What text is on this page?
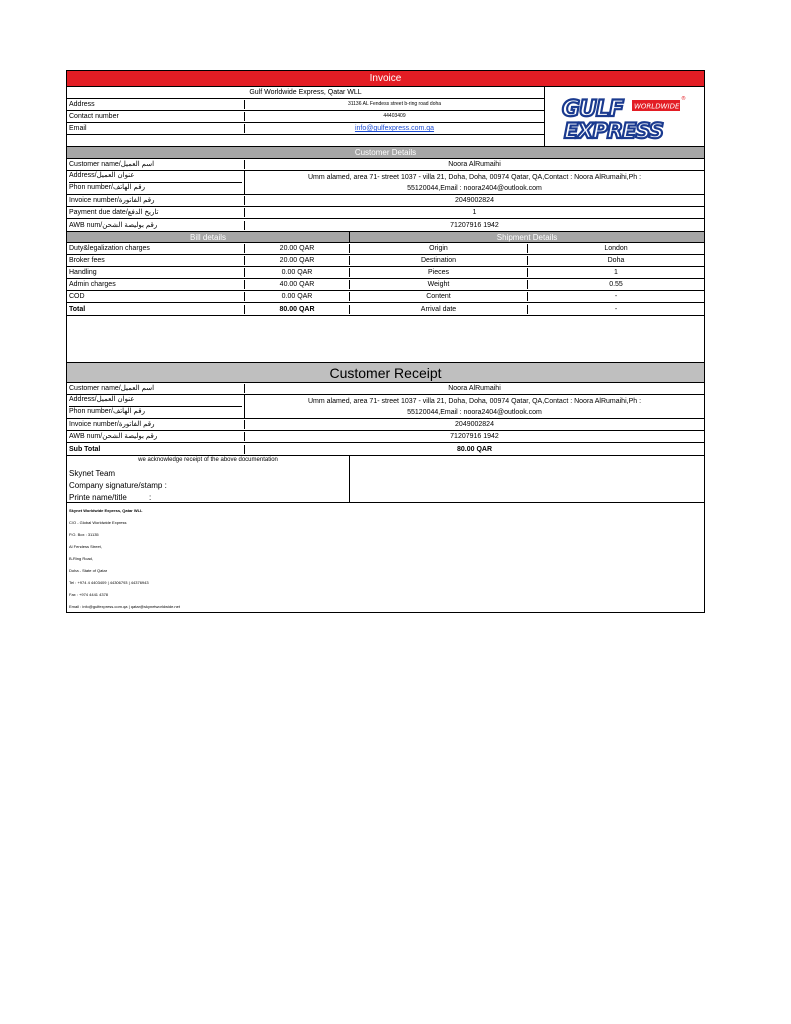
Invoice
Gulf Worldwide Express, Qatar WLL
Address	31136 AL Fendess street b-ring road doha
Contact number	44403409
Email	info@gulfexpress.com.qa
GULF WORLDWIDE
®
EXPRESS
Customer Details
Customer name/اسم العميل	Noora AlRumaihi
Address/عنوان العميل
Phon number/رقم الهاتف
Umm alamed, area 71- street 1037 - villa 21, Doha, Doha, 00974 Qatar, QA,Contact : Noora AlRumaihi,Ph :
55120044,Email : noora2404@outlook.com
Invoice number/رقم الفاتورة	2049002824
Payment due date/تاريخ الدفع	1
AWB num/رقم بوليصة الشحن	71207916 1942
Bill details	Shipment Details
Duty&legalization charges	20.00 QAR	Origin	London
Broker fees	20.00 QAR	Destination	Doha
Handling	0.00 QAR	Pieces	1
Admin charges	40.00 QAR	Weight	0.55
COD	0.00 QAR	Content	-
Total	80.00 QAR	Arrival date	-
Customer Receipt
Customer name/اسم العميل	Noora AlRumaihi
Address/عنوان العميل
Phon number/رقم الهاتف
Umm alamed, area 71- street 1037 - villa 21, Doha, Doha, 00974 Qatar, QA,Contact : Noora AlRumaihi,Ph :
55120044,Email : noora2404@outlook.com
Invoice number/رقم الفاتورة	2049002824
AWB num/رقم بوليصة الشحن	71207916 1942
Sub Total	80.00 QAR
we acknowledge receipt of the above documentation
Skynet Team
Company signature/stamp :
Printe name/title          :
Skynet Worldwide Express, Qatar WLL
C/O - Global Worldwide Express
P.O. Box : 31135
Al Fendess Street,
B-Ring Road,
Doha - State of Qatar
Tel : +974 4 4403409 | 44306793 | 44376943
Fax : +974 4441 4378
Email : info@gulfexpress.com.qa | qatar@skynetworldwide.net
